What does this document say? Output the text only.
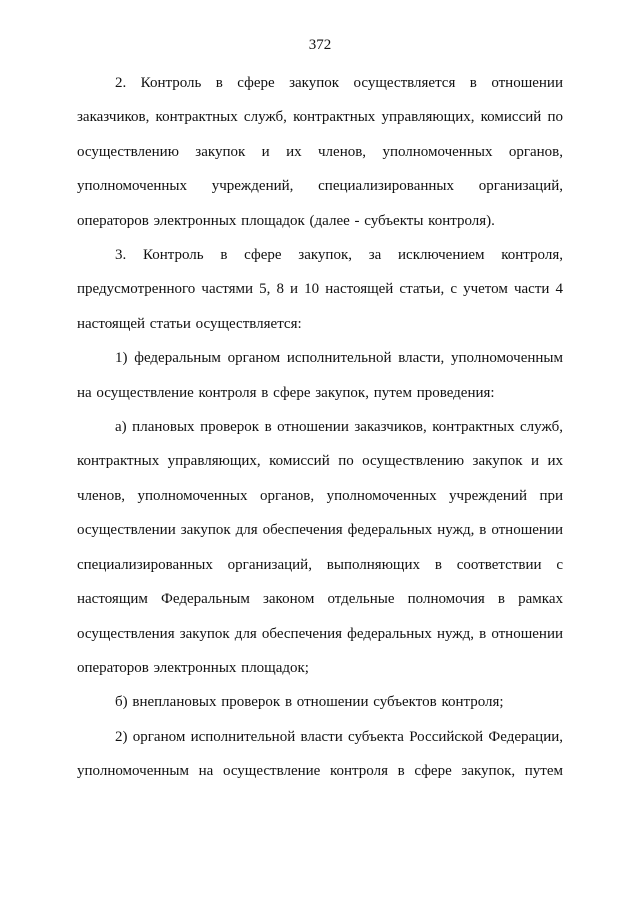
372

2. Контроль в сфере закупок осуществляется в отношении заказчиков, контрактных служб, контрактных управляющих, комиссий по осуществлению закупок и их членов, уполномоченных органов, уполномоченных учреждений, специализированных организаций, операторов электронных площадок (далее - субъекты контроля).

3. Контроль в сфере закупок, за исключением контроля, предусмотренного частями 5, 8 и 10 настоящей статьи, с учетом части 4 настоящей статьи осуществляется:

1) федеральным органом исполнительной власти, уполномоченным на осуществление контроля в сфере закупок, путем проведения:

а) плановых проверок в отношении заказчиков, контрактных служб, контрактных управляющих, комиссий по осуществлению закупок и их членов, уполномоченных органов, уполномоченных учреждений при осуществлении закупок для обеспечения федеральных нужд, в отношении специализированных организаций, выполняющих в соответствии с настоящим Федеральным законом отдельные полномочия в рамках осуществления закупок для обеспечения федеральных нужд, в отношении операторов электронных площадок;

б) внеплановых проверок в отношении субъектов контроля;

2) органом исполнительной власти субъекта Российской Федерации, уполномоченным на осуществление контроля в сфере закупок, путем
